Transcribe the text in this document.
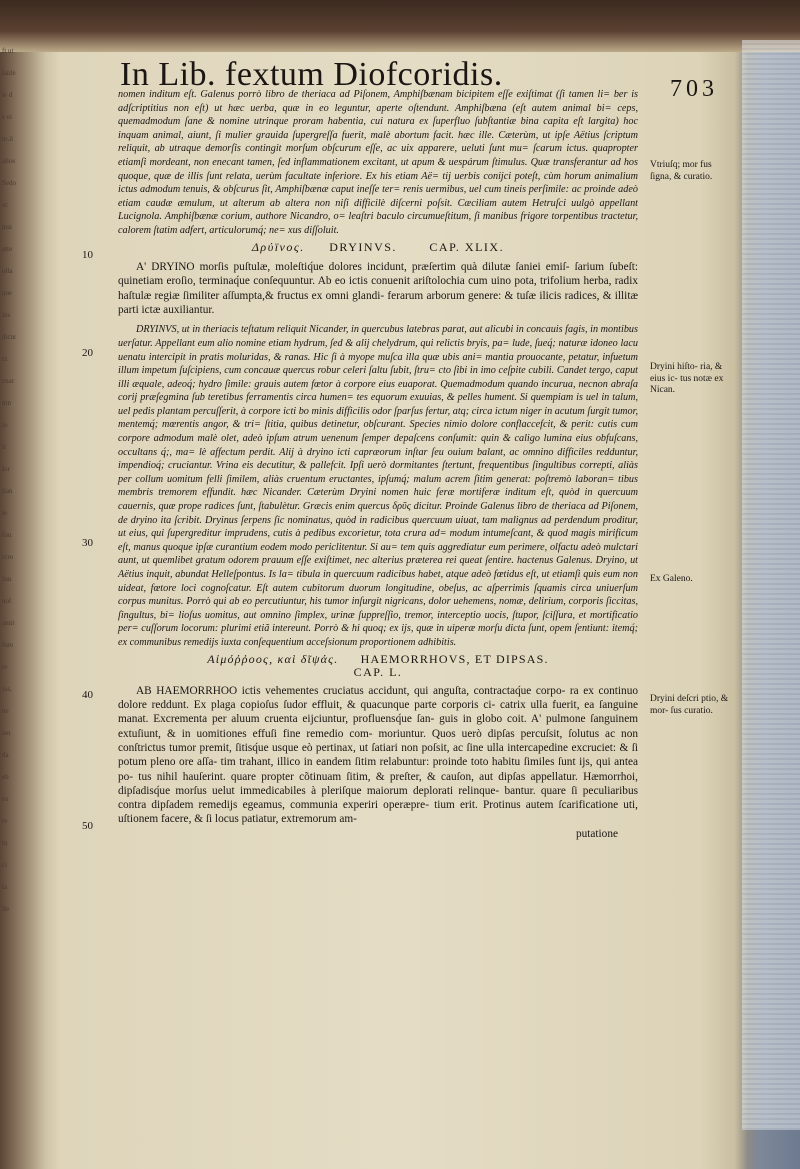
ft ut
lanle
le d
e ei
to.ii
allos
Sedo
ec
nuz
atte
olla
que
ius
dicnr
rz
cnar
mn
io
it
lor
lian
ie
fou
rcro
fuu
nol
amit
fure
re
ius,
ne
ien
da
eb
eu
re
tu
ci
la
ile
In Lib. fextum Diofcoridis.	703
10
20
30
40
50

nomen inditum eſt. Galenus porrò libro de theriaca ad Piſonem, Amphiſbænam bicipitem eſſe exiſtimat (ſi tamen li= ber is adſcriptitius non eſt) ut hæc uerba, quæ in eo leguntur, aperte oſtendunt. Amphiſbæna (eſt autem animal bi= ceps, quemadmodum ſane & nomine utrinque proram habentia, cui natura ex ſuperfluo ſubſtantiæ bina capita eſt largita) hoc inquam animal, aiunt, ſi mulier grauida ſupergreſſa fuerit, malè abortum facit. hæc ille. Cæterùm, ut ipſe Aëtius ſcriptum reliquit, ab utraque demorſis contingit morſum obſcurum eſſe, ac uix apparere, ueluti ſunt mu= ſcarum ictus. quapropter etiamſi mordeant, non enecant tamen, ſed inflammationem excitant, ut apum & uespárum ſtimulus. Quæ transferantur ad hos quoque, quæ de illis ſunt relata, uerùm facultate inferiore. Ex his etiam Aë= tij uerbis conijci poteſt, cùm horum animalium ictus admodum tenuis, & obſcurus ſit, Amphiſbænæ caput ineſſe ter= renis uermibus, uel cum tineis perſimile: ac proinde adeò etiam caudæ æmulum, ut alterum ab altera non niſi difficilè diſcerni poſsit. Cæciliam autem Hetruſci uulgò appellant Lucignola. Amphiſbænæ corium, authore Nicandro, o= leaſtri baculo circumueſtitum, ſi manibus frigore torpentibus tractetur, calorem ſtatim adfert, articulorumq́; ne= xus diſſoluit.

Δρύïνος. DRYINVS.	CAP. XLIX.

A' DRYINO morſis puſtulæ, moleſtiq́ue dolores incidunt, præſertim quà dilutæ ſaniei emiſ- ſarium ſubeſt: quinetiam eroſio, terminaq́ue conſequuntur. Ab eo ictis conuenit ariſtolochia cum uino pota, trifolium herba, radix haſtulæ regiæ ſimiliter aſſumpta,& fructus ex omni glandi- ferarum arborum genere: & tuſæ ilicis radices, & illitæ parti ictæ auxiliantur.

DRYINVS, ut in theriacis teſtatum reliquit Nicander, in quercubus latebras parat, aut alicubi in concauis fagis, in montibus uerſatur. Appellant eum alio nomine etiam hydrum, ſed & alij chelydrum, qui relictis bryis, pa= lude, ſueq́; naturæ idoneo lacu uenatu intercipit in pratis moluridas, & ranas. Hic ſi à myope muſca illa quæ ubis ani= mantia prouocante, petatur, infuetum illum impetum ſuſcipiens, cum concauæ quercus robur celeri ſaltu ſubit, ſtru= cto ſibi in imo ceſpite cubili. Candet tergo, caput illi æquale, adeoq́; hydro ſimile: grauis autem fœtor à corpore eius euaporat. Quemadmodum quando incurua, necnon abraſa corij præſegmina ſub teretibus ferramentis circa humen= tes equorum exuuias, & pelles hument. Si quempiam is uel in talum, uel pedis plantam percuſſerit, à corpore icti bo minis difficilis odor ſparſus fertur, atq; circa ictum niger in acutum ſurgit tumor, mentemq́; mœrentis angor, & tri= ſtitia, quibus detinetur, obſcurant. Species nimio dolore conflaccefcit, & perit: cutis cum corpore admodum malè olet, adeò ipſum atrum uenenum ſemper depaſcens conſumit: quin & caligo lumina eius obfuſcans, occultans q́;, ma= lè affectum perdit. Alij à dryino icti capræorum inſtar ſeu ouium balant, ac omnino difficiles redduntur, impendioq́; cruciantur. Vrina eis decutitur, & pallefcit. Ipſi uerò dormitantes ſtertunt, frequentibus ſingultibus correpti, aliàs per collum uomitum felli ſimilem, aliàs cruentum eructantes, ipſumq́; malum acrem ſitim generat: poſtremò laboran= tibus membris tremorem effundit. hæc Nicander. Cæterùm Dryini nomen huic feræ mortiferæ inditum eſt, quòd in quercuum cauernis, quæ prope radices ſunt, ſtabulètur. Græcis enim quercus δρῦς dicitur. Proinde Galenus libro de theriaca ad Piſonem, de dryino ita ſcribit. Dryinus ſerpens ſic nominatus, quòd in radicibus quercuum uiuat, tam malignus ad perdendum proditur, ut eius, qui ſupergreditur imprudens, cutis à pedibus excorietur, tota crura ad= modum intumeſcant, & quod magis mirificum eſt, manus quoque ipſæ curantium eodem modo periclitentur. Si au= tem quis aggrediatur eum perimere, olfactu adeò mulctari aunt, ut quemlibet gratum odorem prauum eſſe exiſtimet, nec alterius præterea rei queat ſentire. hactenus Galenus. Dryino, ut Aëtius inquit, abundat Helleſpontus. Is la= tibula in quercuum radicibus habet, atque adeò fœtidus eſt, ut etiamſi quis eum non uideat, fœtore loci cognoſcatur. Eſt autem cubitorum duorum longitudine, obeſus, ac aſperrimis ſquamis circa uniuerſum corpus munitus. Porrò qui ab eo percutiuntur, his tumor inſurgit nigricans, dolor uehemens, nomæ, delirium, corporis ſiccitas, ſingultus, bi= lioſus uomitus, aut omnino ſimplex, urinæ ſuppreſſio, tremor, interceptio uocis, ſtupor, ſciſſura, et mortificatio per= cuſſorum locorum: plurimi etiã intereunt. Porrò & hi quoq; ex ijs, quæ in uiperæ morſu dicta ſunt, opem ſentiunt: itemq́; ex communibus remedijs iuxta conſequentium acceſsionum proportionem adhibitis.

Αἱμόῤῥοος, καὶ δῖψάς. HAEMORRHOVS, ET DIPSAS.
CAP. L.

AB HAEMORRHOO ictis vehementes cruciatus accidunt, qui anguſta, contractaq́ue corpo- ra ex continuo dolore reddunt. Ex plaga copioſus ſudor effluit, & quacunque parte corporis ci- catrix ulla fuerit, ea ſanguine manat. Excrementa per aluum cruenta eijciuntur, profluensq́ue ſan- guis in globo coit. A' pulmone ſanguinem extuſiunt, & in uomitiones effuſi fine remedio com- moriuntur. Quos uerò dipſas percuſsit, ſolutus ac non conſtrictus tumor premit, ſitisq́ue usque eò pertinax, ut ſatiari non poſsit, ac ſine ulla intercapedine excruciet: & ſi potum pleno ore aſſa- tim trahant, illico in eandem ſitim relabuntur: proinde toto habitu ſimiles ſunt ijs, qui antea po- tus nihil hauſerint. quare propter cõtinuam ſitim, & preſter, & cauſon, aut dipſas appellatur. Hæmorrhoi, dipſadisq́ue morſus uelut immedicabiles à pleriſque maiorum deplorati relinque- bantur. quare ſi peculiaribus contra dipſadem remedijs egeamus, communia experiri operæpre- tium erit. Protinus autem ſcarificatione uti, uſtionem facere, & ſi locus patiatur, extremorum am-

putatione
Vtriuſq; mor fus ſigna, & curatio.
Dryini hiſto- ria, & eius ic- tus notæ ex Nican.
Ex Galeno.
Dryini deſcri ptio, & mor- ſus curatio.
